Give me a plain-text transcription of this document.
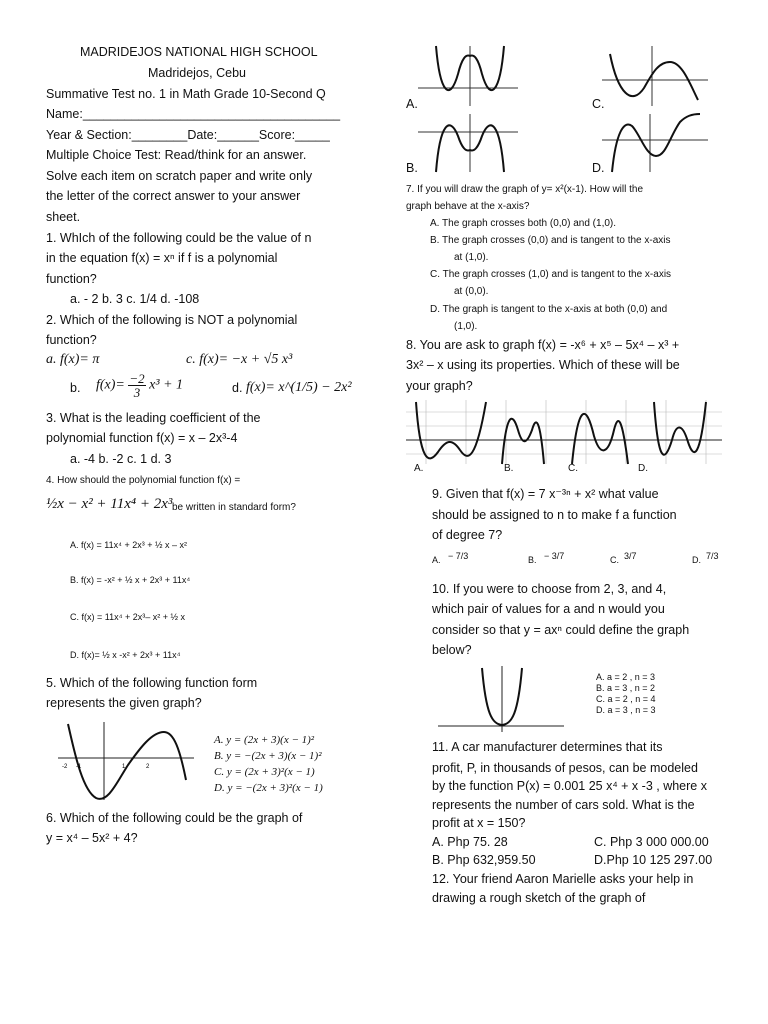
MADRIDEJOS NATIONAL HIGH SCHOOL
Madridejos, Cebu
Summative Test no. 1 in Math Grade 10-Second Q
Name:_____________________________________
Year & Section:________Date:______Score:_____
Multiple Choice Test: Read/think for an answer.
Solve each item on scratch paper and write only
the letter of the correct answer to your answer
sheet.
1. WhIch of the following could be the value of n
in the equation f(x) = xⁿ if f is a polynomial
function?
a. - 2 b. 3 c. 1/4 d. -108
2. Which of the following is NOT a polynomial
function?
a. f(x)= π	c. f(x)= −x + √5 x³
b. $f(x)= \frac{-2}{3} x^3 + 1$	d. f(x)= x^(1/5) − 2x²
3. What is the leading coefficient of the
polynomial function f(x) = x – 2x³-4
a. -4 b. -2 c. 1 d. 3
4. How should the polynomial function f(x) =
½x − x² + 11x⁴ + 2x³ be written in standard form?
A. f(x) = 11x⁴ + 2x³ + ½ x – x²
B. f(x) = -x² + ½ x + 2x³ + 11x⁴
C. f(x) = 11x⁴ + 2x³– x² + ½ x
D. f(x)= ½ x -x² + 2x³ + 11x⁴
5. Which of the following function form
represents the given graph?
-2 -1	1	2
A. y = (2x + 3)(x − 1)²
B. y = −(2x + 3)(x − 1)²
C. y = (2x + 3)²(x − 1)
D. y = −(2x + 3)²(x − 1)
6. Which of the following could be the graph of
y = x⁴ – 5x² + 4?
A.	C.
B.	D.
7. If you will draw the graph of y= x²(x-1). How will the
graph behave at the x-axis?
A. The graph crosses both (0,0) and (1,0).
B. The graph crosses (0,0) and is tangent to the x-axis
at (1,0).
C. The graph crosses (1,0) and is tangent to the x-axis
at (0,0).
D. The graph is tangent to the x-axis at both (0,0) and
(1,0).
8. You are ask to graph f(x) = -x⁶ + x⁵ – 5x⁴ – x³ +
3x² – x using its properties. Which of these will be
your graph?
A.	B.	C.	D.
9. Given that f(x) = 7 x⁻³ⁿ + x² what value
should be assigned to n to make f a function
of degree 7?
A. − 7/3	B. − 3/7	C. 3/7	D. 7/3
10. If you were to choose from 2, 3, and 4,
which pair of values for a and n would you
consider so that y = axⁿ could define the graph
below?
A. a = 2 , n = 3
B. a = 3 , n = 2
C. a = 2 , n = 4
D. a = 3 , n = 3
11. A car manufacturer determines that its
profit, P, in thousands of pesos, can be modeled
by the function P(x) = 0.001 25 x⁴ + x -3 , where x
represents the number of cars sold. What is the
profit at x = 150?
A. Php 75. 28	C. Php 3 000 000.00
B. Php 632,959.50	D.Php 10 125 297.00
12. Your friend Aaron Marielle asks your help in
drawing a rough sketch of the graph of
